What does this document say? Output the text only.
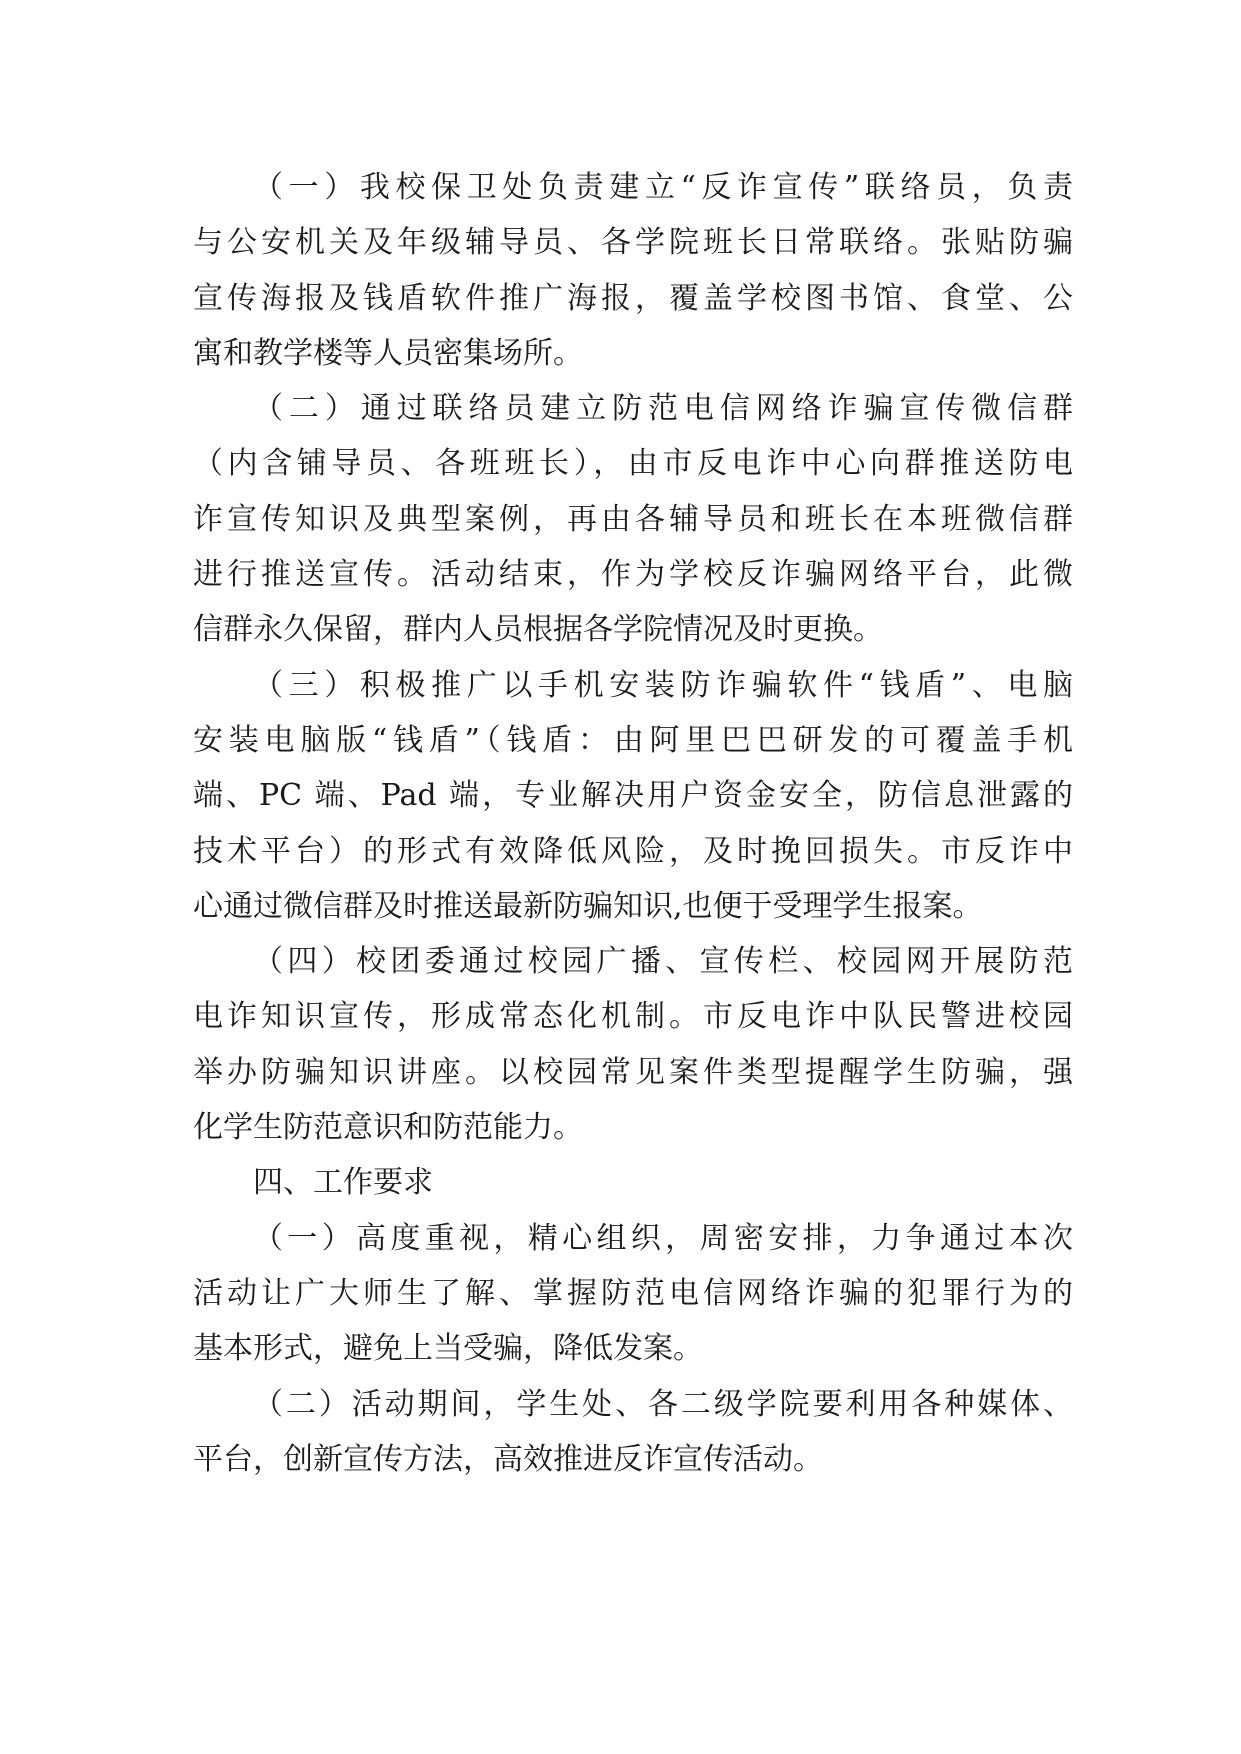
（一）我校保卫处负责建立“反诈宣传”联络员，负责
与公安机关及年级辅导员、各学院班长日常联络。张贴防骗
宣传海报及钱盾软件推广海报，覆盖学校图书馆、食堂、公
寓和教学楼等人员密集场所。
（二）通过联络员建立防范电信网络诈骗宣传微信群
（内含铺导员、各班班长），由市反电诈中心向群推送防电
诈宣传知识及典型案例，再由各辅导员和班长在本班微信群
进行推送宣传。活动结束，作为学校反诈骗网络平台，此微
信群永久保留，群内人员根据各学院情况及时更换。
（三）积极推广以手机安装防诈骗软件“钱盾”、电脑
安装电脑版“钱盾”（钱盾：由阿里巴巴研发的可覆盖手机
端、PC 端、Pad 端，专业解决用户资金安全，防信息泄露的
技术平台）的形式有效降低风险，及时挽回损失。市反诈中
心通过微信群及时推送最新防骗知识,也便于受理学生报案。
（四）校团委通过校园广播、宣传栏、校园网开展防范
电诈知识宣传，形成常态化机制。市反电诈中队民警进校园
举办防骗知识讲座。以校园常见案件类型提醒学生防骗，强
化学生防范意识和防范能力。
四、工作要求
（一）高度重视，精心组织，周密安排，力争通过本次
活动让广大师生了解、掌握防范电信网络诈骗的犯罪行为的
基本形式，避免上当受骗，降低发案。
（二）活动期间，学生处、各二级学院要利用各种媒体、
平台，创新宣传方法，高效推进反诈宣传活动。
